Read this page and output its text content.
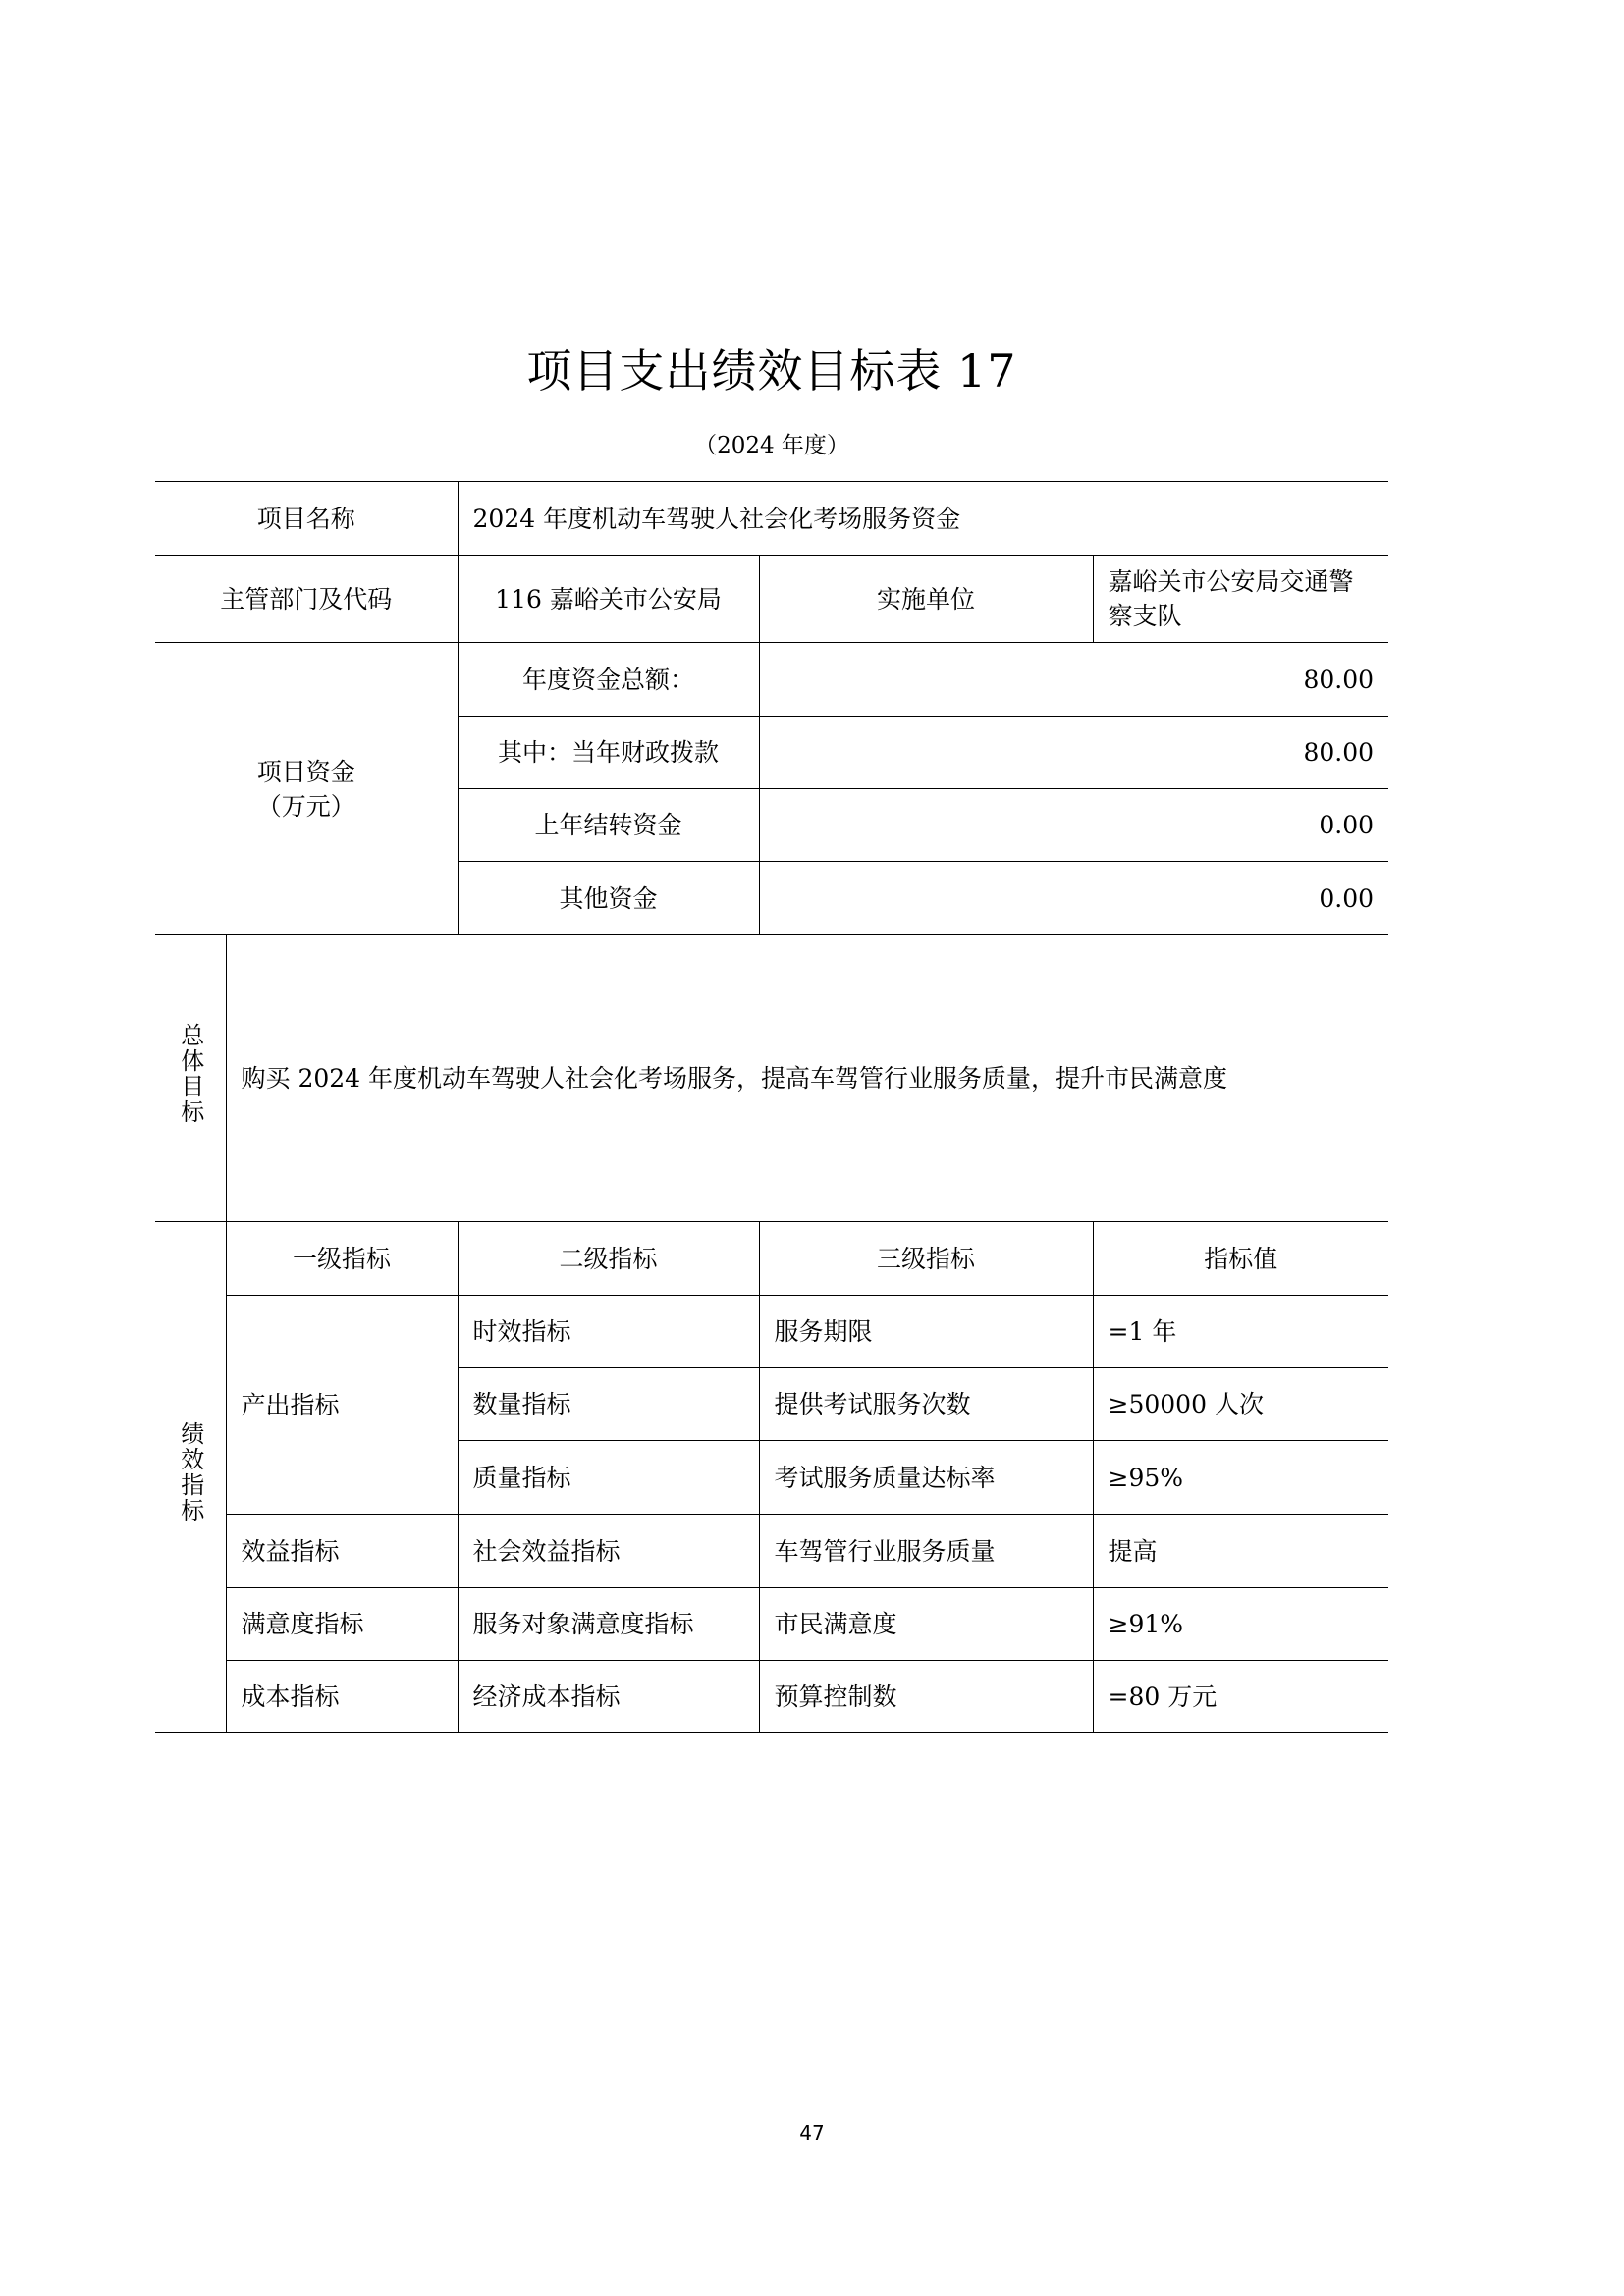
项目支出绩效目标表 17
（2024 年度）
项目名称		2024 年度机动车驾驶人社会化考场服务资金		
主管部门及代码		116 嘉峪关市公安局	实施单位	嘉峪关市公安局交通警察支队

项目资金
（万元）		年度资金总额：	80.00	
		其中：当年财政拨款	80.00	
		上年结转资金	0.00	
		其他资金	0.00	
总体目标	购买 2024 年度机动车驾驶人社会化考场服务，提高车驾管行业服务质量，提升市民满意度			
绩效指标	一级指标	二级指标	三级指标	指标值
	产出指标	时效指标	服务期限	=1 年
		数量指标	提供考试服务次数	≥50000 人次
		质量指标	考试服务质量达标率	≥95%
	效益指标	社会效益指标	车驾管行业服务质量	提高
	满意度指标	服务对象满意度指标	市民满意度	≥91%
	成本指标	经济成本指标	预算控制数	=80 万元
47
